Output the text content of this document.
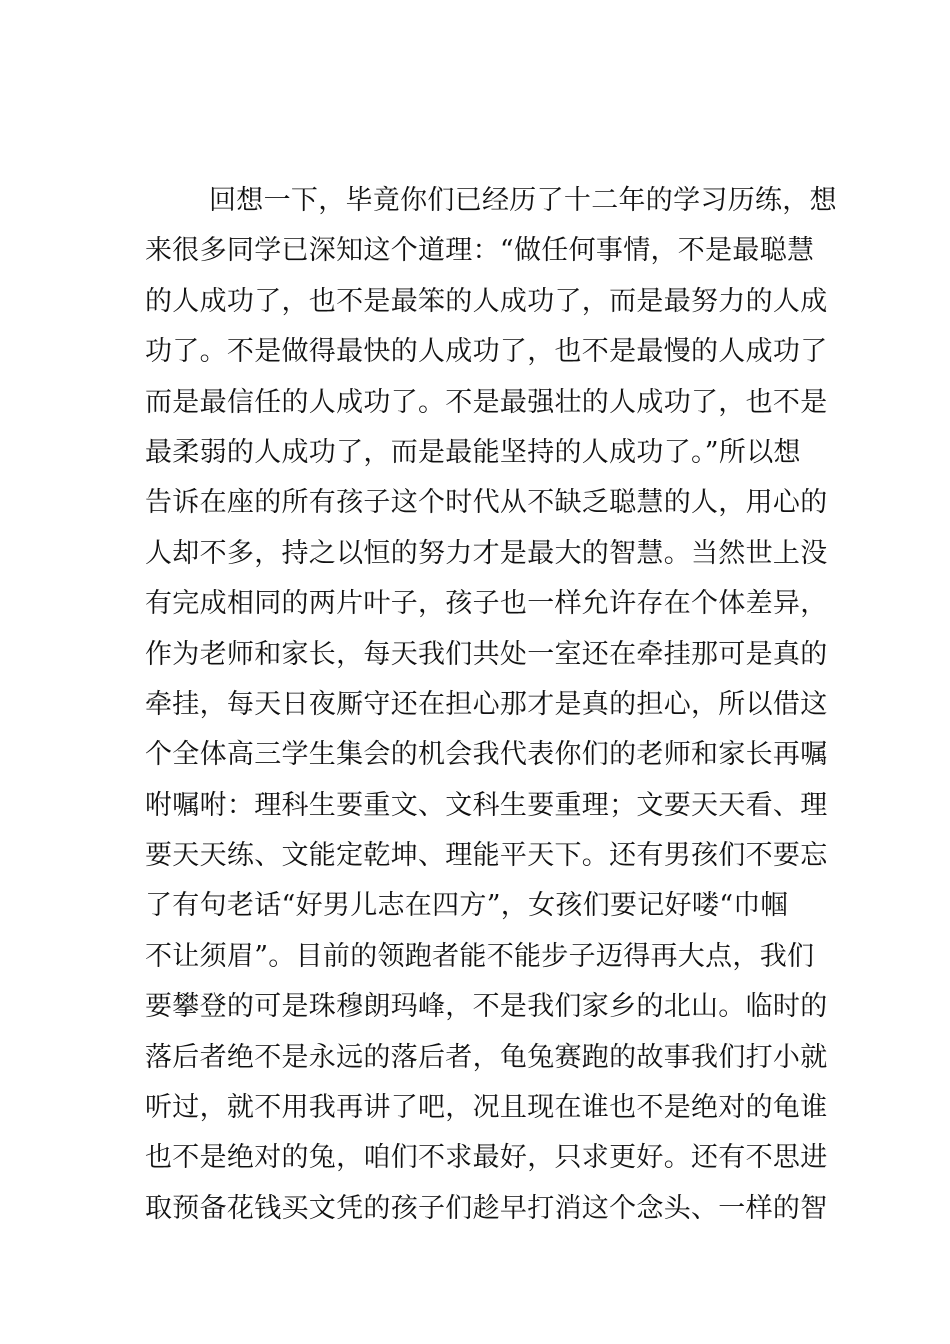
回想一下，毕竟你们已经历了十二年的学习历练，想
来很多同学已深知这个道理：“做任何事情，不是最聪慧
的人成功了，也不是最笨的人成功了，而是最努力的人成
功了。不是做得最快的人成功了，也不是最慢的人成功了
而是最信任的人成功了。不是最强壮的人成功了，也不是
最柔弱的人成功了，而是最能坚持的人成功了。”所以想
告诉在座的所有孩子这个时代从不缺乏聪慧的人，用心的
人却不多，持之以恒的努力才是最大的智慧。当然世上没
有完成相同的两片叶子，孩子也一样允许存在个体差异，
作为老师和家长，每天我们共处一室还在牵挂那可是真的
牵挂，每天日夜厮守还在担心那才是真的担心，所以借这
个全体高三学生集会的机会我代表你们的老师和家长再嘱
咐嘱咐：理科生要重文、文科生要重理；文要天天看、理
要天天练、文能定乾坤、理能平天下。还有男孩们不要忘
了有句老话“好男儿志在四方”，女孩们要记好喽“巾帼
不让须眉”。目前的领跑者能不能步子迈得再大点，我们
要攀登的可是珠穆朗玛峰，不是我们家乡的北山。临时的
落后者绝不是永远的落后者，龟兔赛跑的故事我们打小就
听过，就不用我再讲了吧，况且现在谁也不是绝对的龟谁
也不是绝对的兔，咱们不求最好，只求更好。还有不思进
取预备花钱买文凭的孩子们趁早打消这个念头、一样的智
